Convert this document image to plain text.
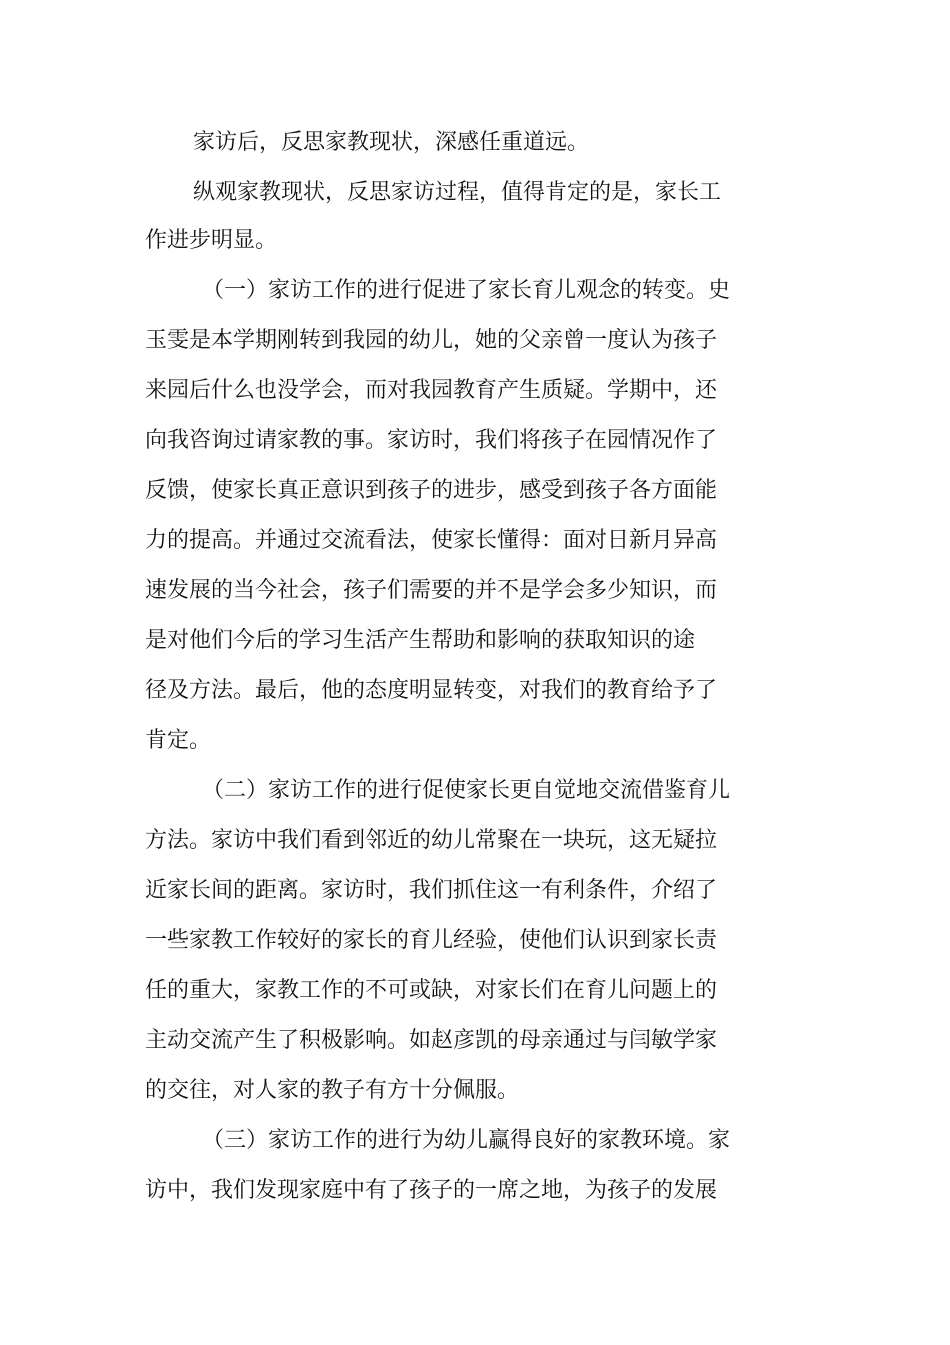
家访后，反思家教现状，深感任重道远。
纵观家教现状，反思家访过程，值得肯定的是，家长工
作进步明显。
（一）家访工作的进行促进了家长育儿观念的转变。史
玉雯是本学期刚转到我园的幼儿，她的父亲曾一度认为孩子
来园后什么也没学会，而对我园教育产生质疑。学期中，还
向我咨询过请家教的事。家访时，我们将孩子在园情况作了
反馈，使家长真正意识到孩子的进步，感受到孩子各方面能
力的提高。并通过交流看法，使家长懂得：面对日新月异高
速发展的当今社会，孩子们需要的并不是学会多少知识，而
是对他们今后的学习生活产生帮助和影响的获取知识的途
径及方法。最后，他的态度明显转变，对我们的教育给予了
肯定。
（二）家访工作的进行促使家长更自觉地交流借鉴育儿
方法。家访中我们看到邻近的幼儿常聚在一块玩，这无疑拉
近家长间的距离。家访时，我们抓住这一有利条件，介绍了
一些家教工作较好的家长的育儿经验，使他们认识到家长责
任的重大，家教工作的不可或缺，对家长们在育儿问题上的
主动交流产生了积极影响。如赵彦凯的母亲通过与闫敏学家
的交往，对人家的教子有方十分佩服。
（三）家访工作的进行为幼儿赢得良好的家教环境。家
访中，我们发现家庭中有了孩子的一席之地，为孩子的发展
